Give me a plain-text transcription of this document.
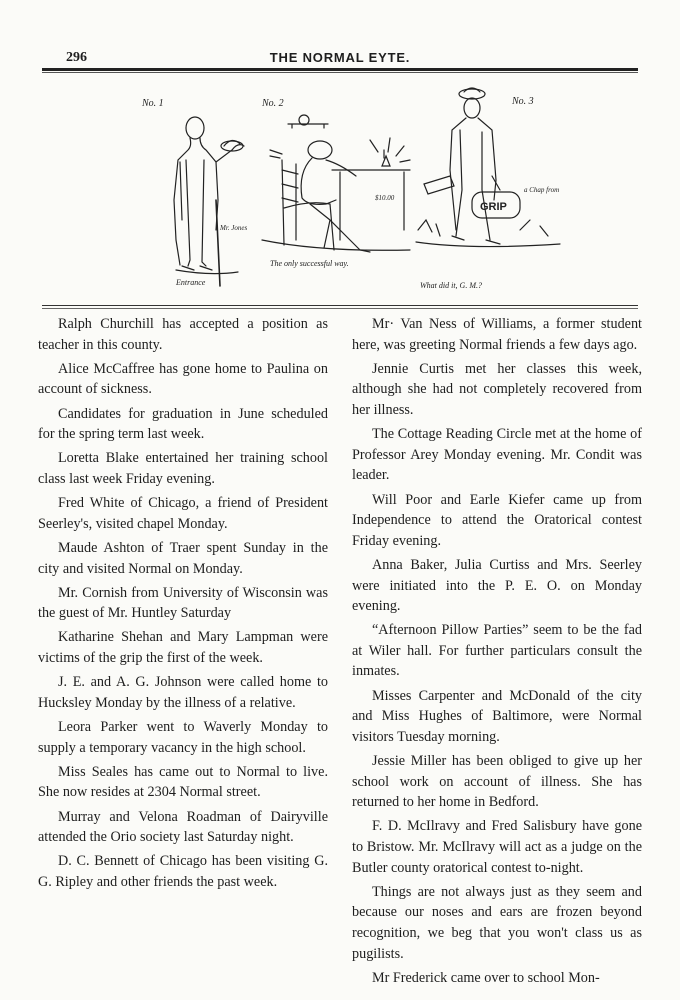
296	THE NORMAL EYTE.
No. 1
Mr. Jones
Entrance
No. 2
$10.00
The only successful way.
No. 3
GRIP
a Chap from
What did it, G. M.?

Ralph Churchill has accepted a position as teacher in this county.

Alice McCaffree has gone home to Paulina on account of sickness.

Candidates for graduation in June scheduled for the spring term last week.

Loretta Blake entertained her training school class last week Friday evening.

Fred White of Chicago, a friend of President Seerley's, visited chapel Monday.

Maude Ashton of Traer spent Sunday in the city and visited Normal on Monday.

Mr. Cornish from University of Wisconsin was the guest of Mr. Huntley Saturday

Katharine Shehan and Mary Lampman were victims of the grip the first of the week.

J. E. and A. G. Johnson were called home to Hucksley Monday by the illness of a relative.

Leora Parker went to Waverly Monday to supply a temporary vacancy in the high school.

Miss Seales has came out to Normal to live. She now resides at 2304 Normal street.

Murray and Velona Roadman of Dairyville attended the Orio society last Saturday night.

D. C. Bennett of Chicago has been visiting G. G. Ripley and other friends the past week.

Mr· Van Ness of Williams, a former student here, was greeting Normal friends a few days ago.

Jennie Curtis met her classes this week, although she had not completely recovered from her illness.

The Cottage Reading Circle met at the home of Professor Arey Monday evening. Mr. Condit was leader.

Will Poor and Earle Kiefer came up from Independence to attend the Oratorical contest Friday evening.

Anna Baker, Julia Curtiss and Mrs. Seerley were initiated into the P. E. O. on Monday evening.

“Afternoon Pillow Parties” seem to be the fad at Wiler hall. For further particulars consult the inmates.

Misses Carpenter and McDonald of the city and Miss Hughes of Baltimore, were Normal visitors Tuesday morning.

Jessie Miller has been obliged to give up her school work on account of illness. She has returned to her home in Bedford.

F. D. McIlravy and Fred Salisbury have gone to Bristow. Mr. McIlravy will act as a judge on the Butler county oratorical contest to-night.

Things are not always just as they seem and because our noses and ears are frozen beyond recognition, we beg that you won't class us as pugilists.

Mr Frederick came over to school Mon-
